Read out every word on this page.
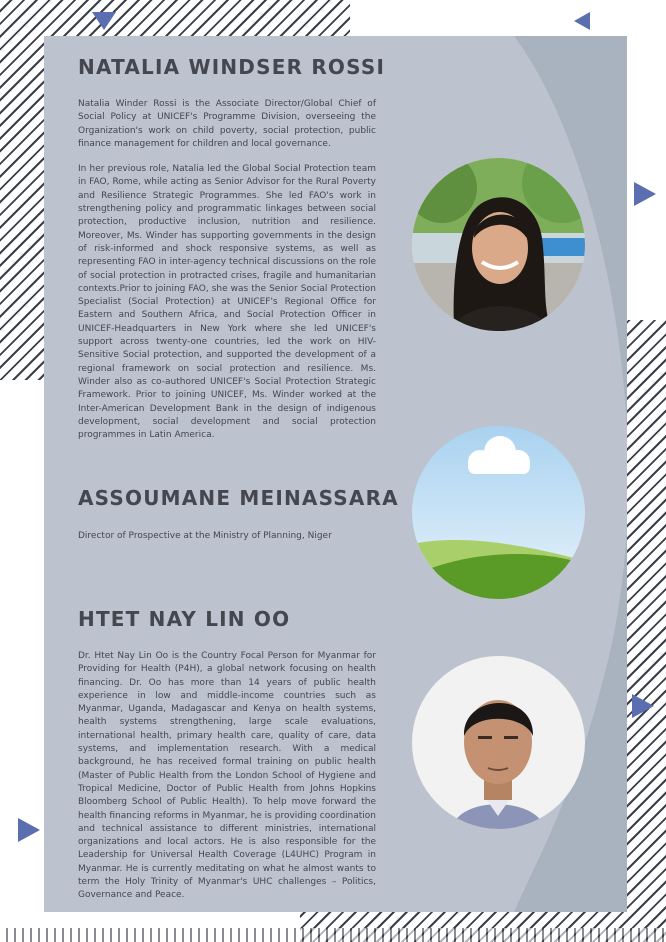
NATALIA WINDSER ROSSI

Natalia Winder Rossi is the Associate Director/Global Chief of Social Policy at UNICEF's Programme Division, overseeing the Organization's work on child poverty, social protection, public finance management for children and local governance.

In her previous role, Natalia led the Global Social Protection team in FAO, Rome, while acting as Senior Advisor for the Rural Poverty and Resilience Strategic Programmes. She led FAO's work in strengthening policy and programmatic linkages between social protection, productive inclusion, nutrition and resilience. Moreover, Ms. Winder has supporting governments in the design of risk-informed and shock responsive systems, as well as representing FAO in inter-agency technical discussions on the role of social protection in protracted crises, fragile and humanitarian contexts.Prior to joining FAO, she was the Senior Social Protection Specialist (Social Protection) at UNICEF's Regional Office for Eastern and Southern Africa, and Social Protection Officer in UNICEF-Headquarters in New York where she led UNICEF's support across twenty-one countries, led the work on HIV-Sensitive Social protection, and supported the development of a regional framework on social protection and resilience. Ms. Winder also as co-authored UNICEF's Social Protection Strategic Framework. Prior to joining UNICEF, Ms. Winder worked at the Inter-American Development Bank in the design of indigenous development, social development and social protection programmes in Latin America.

ASSOUMANE MEINASSARA

Director of Prospective at the Ministry of Planning, Niger

HTET NAY LIN OO

Dr. Htet Nay Lin Oo is the Country Focal Person for Myanmar for Providing for Health (P4H), a global network focusing on health financing. Dr. Oo has more than 14 years of public health experience in low and middle-income countries such as Myanmar, Uganda, Madagascar and Kenya on health systems, health systems strengthening, large scale evaluations, international health, primary health care, quality of care, data systems, and implementation research. With a medical background, he has received formal training on public health (Master of Public Health from the London School of Hygiene and Tropical Medicine, Doctor of Public Health from Johns Hopkins Bloomberg School of Public Health). To help move forward the health financing reforms in Myanmar, he is providing coordination and technical assistance to different ministries, international organizations and local actors. He is also responsible for the Leadership for Universal Health Coverage (L4UHC) Program in Myanmar. He is currently meditating on what he almost wants to term the Holy Trinity of Myanmar's UHC challenges – Politics, Governance and Peace.
